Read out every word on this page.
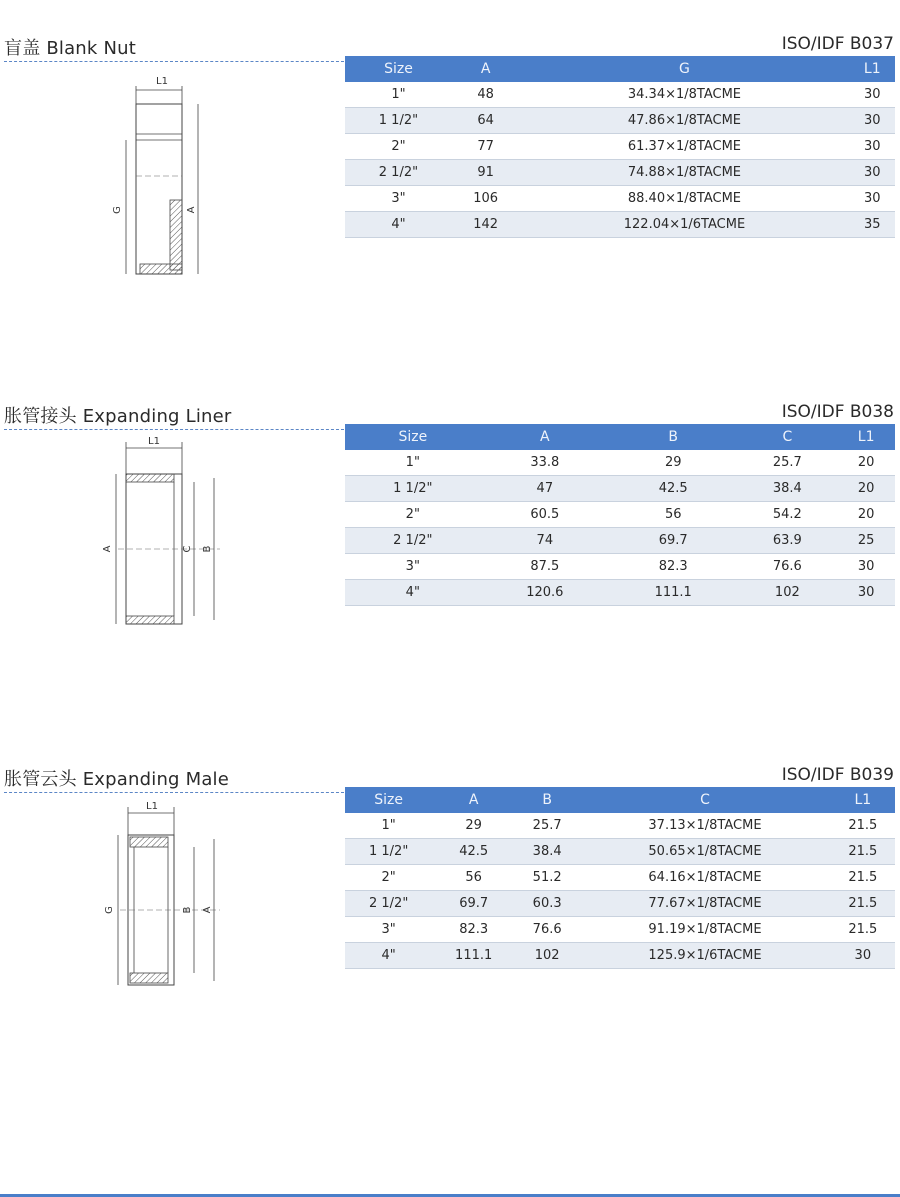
盲盖 Blank Nut	ISO/IDF B037
L1
G	A
Size	A	G	L1
1"	48	34.34×1/8TACME	30
1 1/2"	64	47.86×1/8TACME	30
2"	77	61.37×1/8TACME	30
2 1/2"	91	74.88×1/8TACME	30
3"	106	88.40×1/8TACME	30
4"	142	122.04×1/6TACME	35
胀管接头 Expanding Liner	ISO/IDF B038
L1
A	C B
Size	A	B	C	L1
1"	33.8	29	25.7	20
1 1/2"	47	42.5	38.4	20
2"	60.5	56	54.2	20
2 1/2"	74	69.7	63.9	25
3"	87.5	82.3	76.6	30
4"	120.6	111.1	102	30
胀管云头 Expanding Male	ISO/IDF B039
L1
G	B A
Size	A	B	C	L1
1"	29	25.7	37.13×1/8TACME	21.5
1 1/2"	42.5	38.4	50.65×1/8TACME	21.5
2"	56	51.2	64.16×1/8TACME	21.5
2 1/2"	69.7	60.3	77.67×1/8TACME	21.5
3"	82.3	76.6	91.19×1/8TACME	21.5
4"	111.1	102	125.9×1/6TACME	30
